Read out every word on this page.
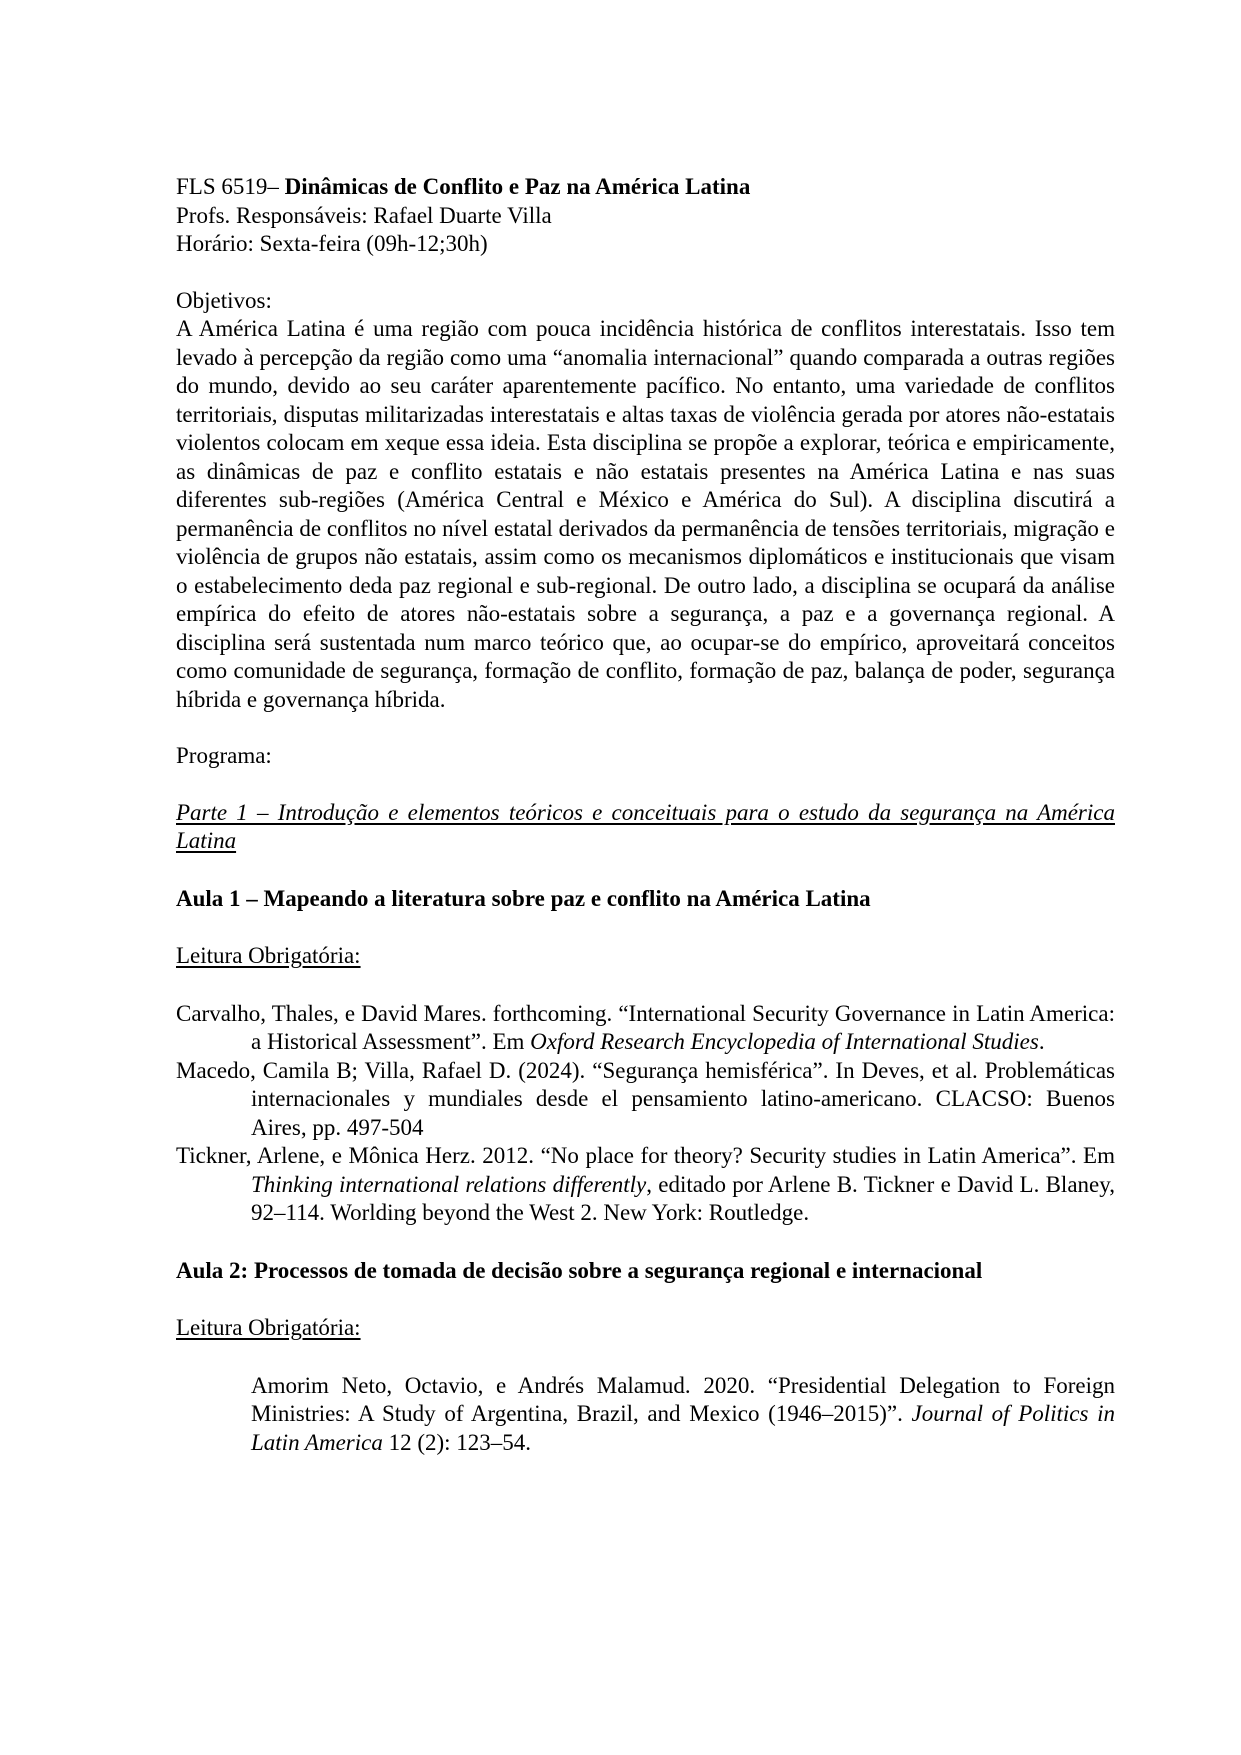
FLS 6519– Dinâmicas de Conflito e Paz na América Latina
Profs. Responsáveis: Rafael Duarte Villa
Horário: Sexta-feira (09h-12;30h)
Objetivos:
A América Latina é uma região com pouca incidência histórica de conflitos interestatais. Isso tem levado à percepção da região como uma “anomalia internacional” quando comparada a outras regiões do mundo, devido ao seu caráter aparentemente pacífico. No entanto, uma variedade de conflitos territoriais, disputas militarizadas interestatais e altas taxas de violência gerada por atores não-estatais violentos colocam em xeque essa ideia. Esta disciplina se propõe a explorar, teórica e empiricamente, as dinâmicas de paz e conflito estatais e não estatais presentes na América Latina e nas suas diferentes sub-regiões (América Central e México e América do Sul). A disciplina discutirá a permanência de conflitos no nível estatal derivados da permanência de tensões territoriais, migração e violência de grupos não estatais, assim como os mecanismos diplomáticos e institucionais que visam o estabelecimento deda paz regional e sub-regional. De outro lado, a disciplina se ocupará da análise empírica do efeito de atores não-estatais sobre a segurança, a paz e a governança regional. A disciplina será sustentada num marco teórico que, ao ocupar-se do empírico, aproveitará conceitos como comunidade de segurança, formação de conflito, formação de paz, balança de poder, segurança híbrida e governança híbrida.
Programa:
Parte 1 – Introdução e elementos teóricos e conceituais para o estudo da segurança na América Latina
Aula 1 – Mapeando a literatura sobre paz e conflito na América Latina
Leitura Obrigatória:
Carvalho, Thales, e David Mares. forthcoming. “International Security Governance in Latin America: a Historical Assessment”. Em Oxford Research Encyclopedia of International Studies.
Macedo, Camila B; Villa, Rafael D. (2024). “Segurança hemisférica”. In Deves, et al. Problemáticas internacionales y mundiales desde el pensamiento latino-americano. CLACSO: Buenos Aires, pp. 497-504
Tickner, Arlene, e Mônica Herz. 2012. “No place for theory? Security studies in Latin America”. Em Thinking international relations differently, editado por Arlene B. Tickner e David L. Blaney, 92–114. Worlding beyond the West 2. New York: Routledge.
Aula 2: Processos de tomada de decisão sobre a segurança regional e internacional
Leitura Obrigatória:
Amorim Neto, Octavio, e Andrés Malamud. 2020. “Presidential Delegation to Foreign Ministries: A Study of Argentina, Brazil, and Mexico (1946–2015)”. Journal of Politics in Latin America 12 (2): 123–54.
